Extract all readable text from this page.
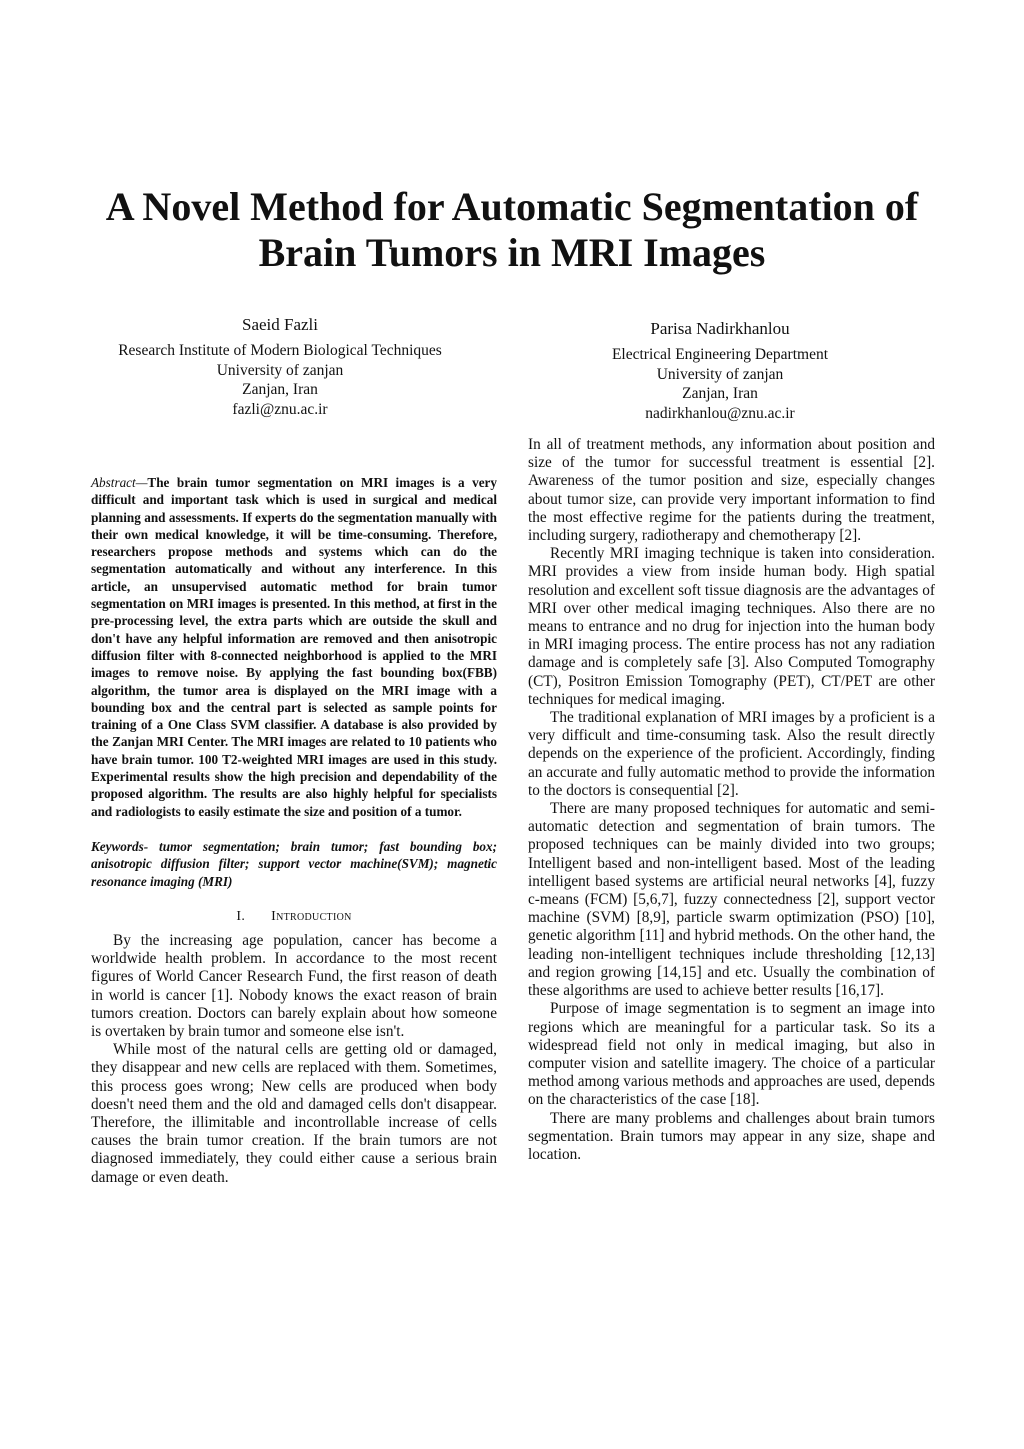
A Novel Method for Automatic Segmentation of
Brain Tumors in MRI Images
Saeid Fazli
Research Institute of Modern Biological Techniques
University of zanjan
Zanjan, Iran
fazli@znu.ac.ir
Parisa Nadirkhanlou
Electrical Engineering Department
University of zanjan
Zanjan, Iran
nadirkhanlou@znu.ac.ir

Abstract—The brain tumor segmentation on MRI images is a very difficult and important task which is used in surgical and medical planning and assessments. If experts do the segmentation manually with their own medical knowledge, it will be time-consuming. Therefore, researchers propose methods and systems which can do the segmentation automatically and without any interference. In this article, an unsupervised automatic method for brain tumor segmentation on MRI images is presented. In this method, at first in the pre-processing level, the extra parts which are outside the skull and don't have any helpful information are removed and then anisotropic diffusion filter with 8-connected neighborhood is applied to the MRI images to remove noise. By applying the fast bounding box(FBB) algorithm, the tumor area is displayed on the MRI image with a bounding box and the central part is selected as sample points for training of a One Class SVM classifier. A database is also provided by the Zanjan MRI Center. The MRI images are related to 10 patients who have brain tumor. 100 T2-weighted MRI images are used in this study. Experimental results show the high precision and dependability of the proposed algorithm. The results are also highly helpful for specialists and radiologists to easily estimate the size and position of a tumor.

Keywords- tumor segmentation; brain tumor; fast bounding box; anisotropic diffusion filter; support vector machine(SVM); magnetic resonance imaging (MRI)

I. Introduction

By the increasing age population, cancer has become a worldwide health problem. In accordance to the most recent figures of World Cancer Research Fund, the first reason of death in world is cancer [1]. Nobody knows the exact reason of brain tumors creation. Doctors can barely explain about how someone is overtaken by brain tumor and someone else isn't.

While most of the natural cells are getting old or damaged, they disappear and new cells are replaced with them. Sometimes, this process goes wrong; New cells are produced when body doesn't need them and the old and damaged cells don't disappear. Therefore, the illimitable and incontrollable increase of cells causes the brain tumor creation. If the brain tumors are not diagnosed immediately, they could either cause a serious brain damage or even death.

In all of treatment methods, any information about position and size of the tumor for successful treatment is essential [2]. Awareness of the tumor position and size, especially changes about tumor size, can provide very important information to find the most effective regime for the patients during the treatment, including surgery, radiotherapy and chemotherapy [2].

Recently MRI imaging technique is taken into consideration. MRI provides a view from inside human body. High spatial resolution and excellent soft tissue diagnosis are the advantages of MRI over other medical imaging techniques. Also there are no means to entrance and no drug for injection into the human body in MRI imaging process. The entire process has not any radiation damage and is completely safe [3]. Also Computed Tomography (CT), Positron Emission Tomography (PET), CT/PET are other techniques for medical imaging.

The traditional explanation of MRI images by a proficient is a very difficult and time-consuming task. Also the result directly depends on the experience of the proficient. Accordingly, finding an accurate and fully automatic method to provide the information to the doctors is consequential [2].

There are many proposed techniques for automatic and semi-automatic detection and segmentation of brain tumors. The proposed techniques can be mainly divided into two groups; Intelligent based and non-intelligent based. Most of the leading intelligent based systems are artificial neural networks [4], fuzzy c-means (FCM) [5,6,7], fuzzy connectedness [2], support vector machine (SVM) [8,9], particle swarm optimization (PSO) [10], genetic algorithm [11] and hybrid methods. On the other hand, the leading non-intelligent techniques include thresholding [12,13] and region growing [14,15] and etc. Usually the combination of these algorithms are used to achieve better results [16,17].

Purpose of image segmentation is to segment an image into regions which are meaningful for a particular task. So its a widespread field not only in medical imaging, but also in computer vision and satellite imagery. The choice of a particular method among various methods and approaches are used, depends on the characteristics of the case [18].

There are many problems and challenges about brain tumors segmentation. Brain tumors may appear in any size, shape and location.
